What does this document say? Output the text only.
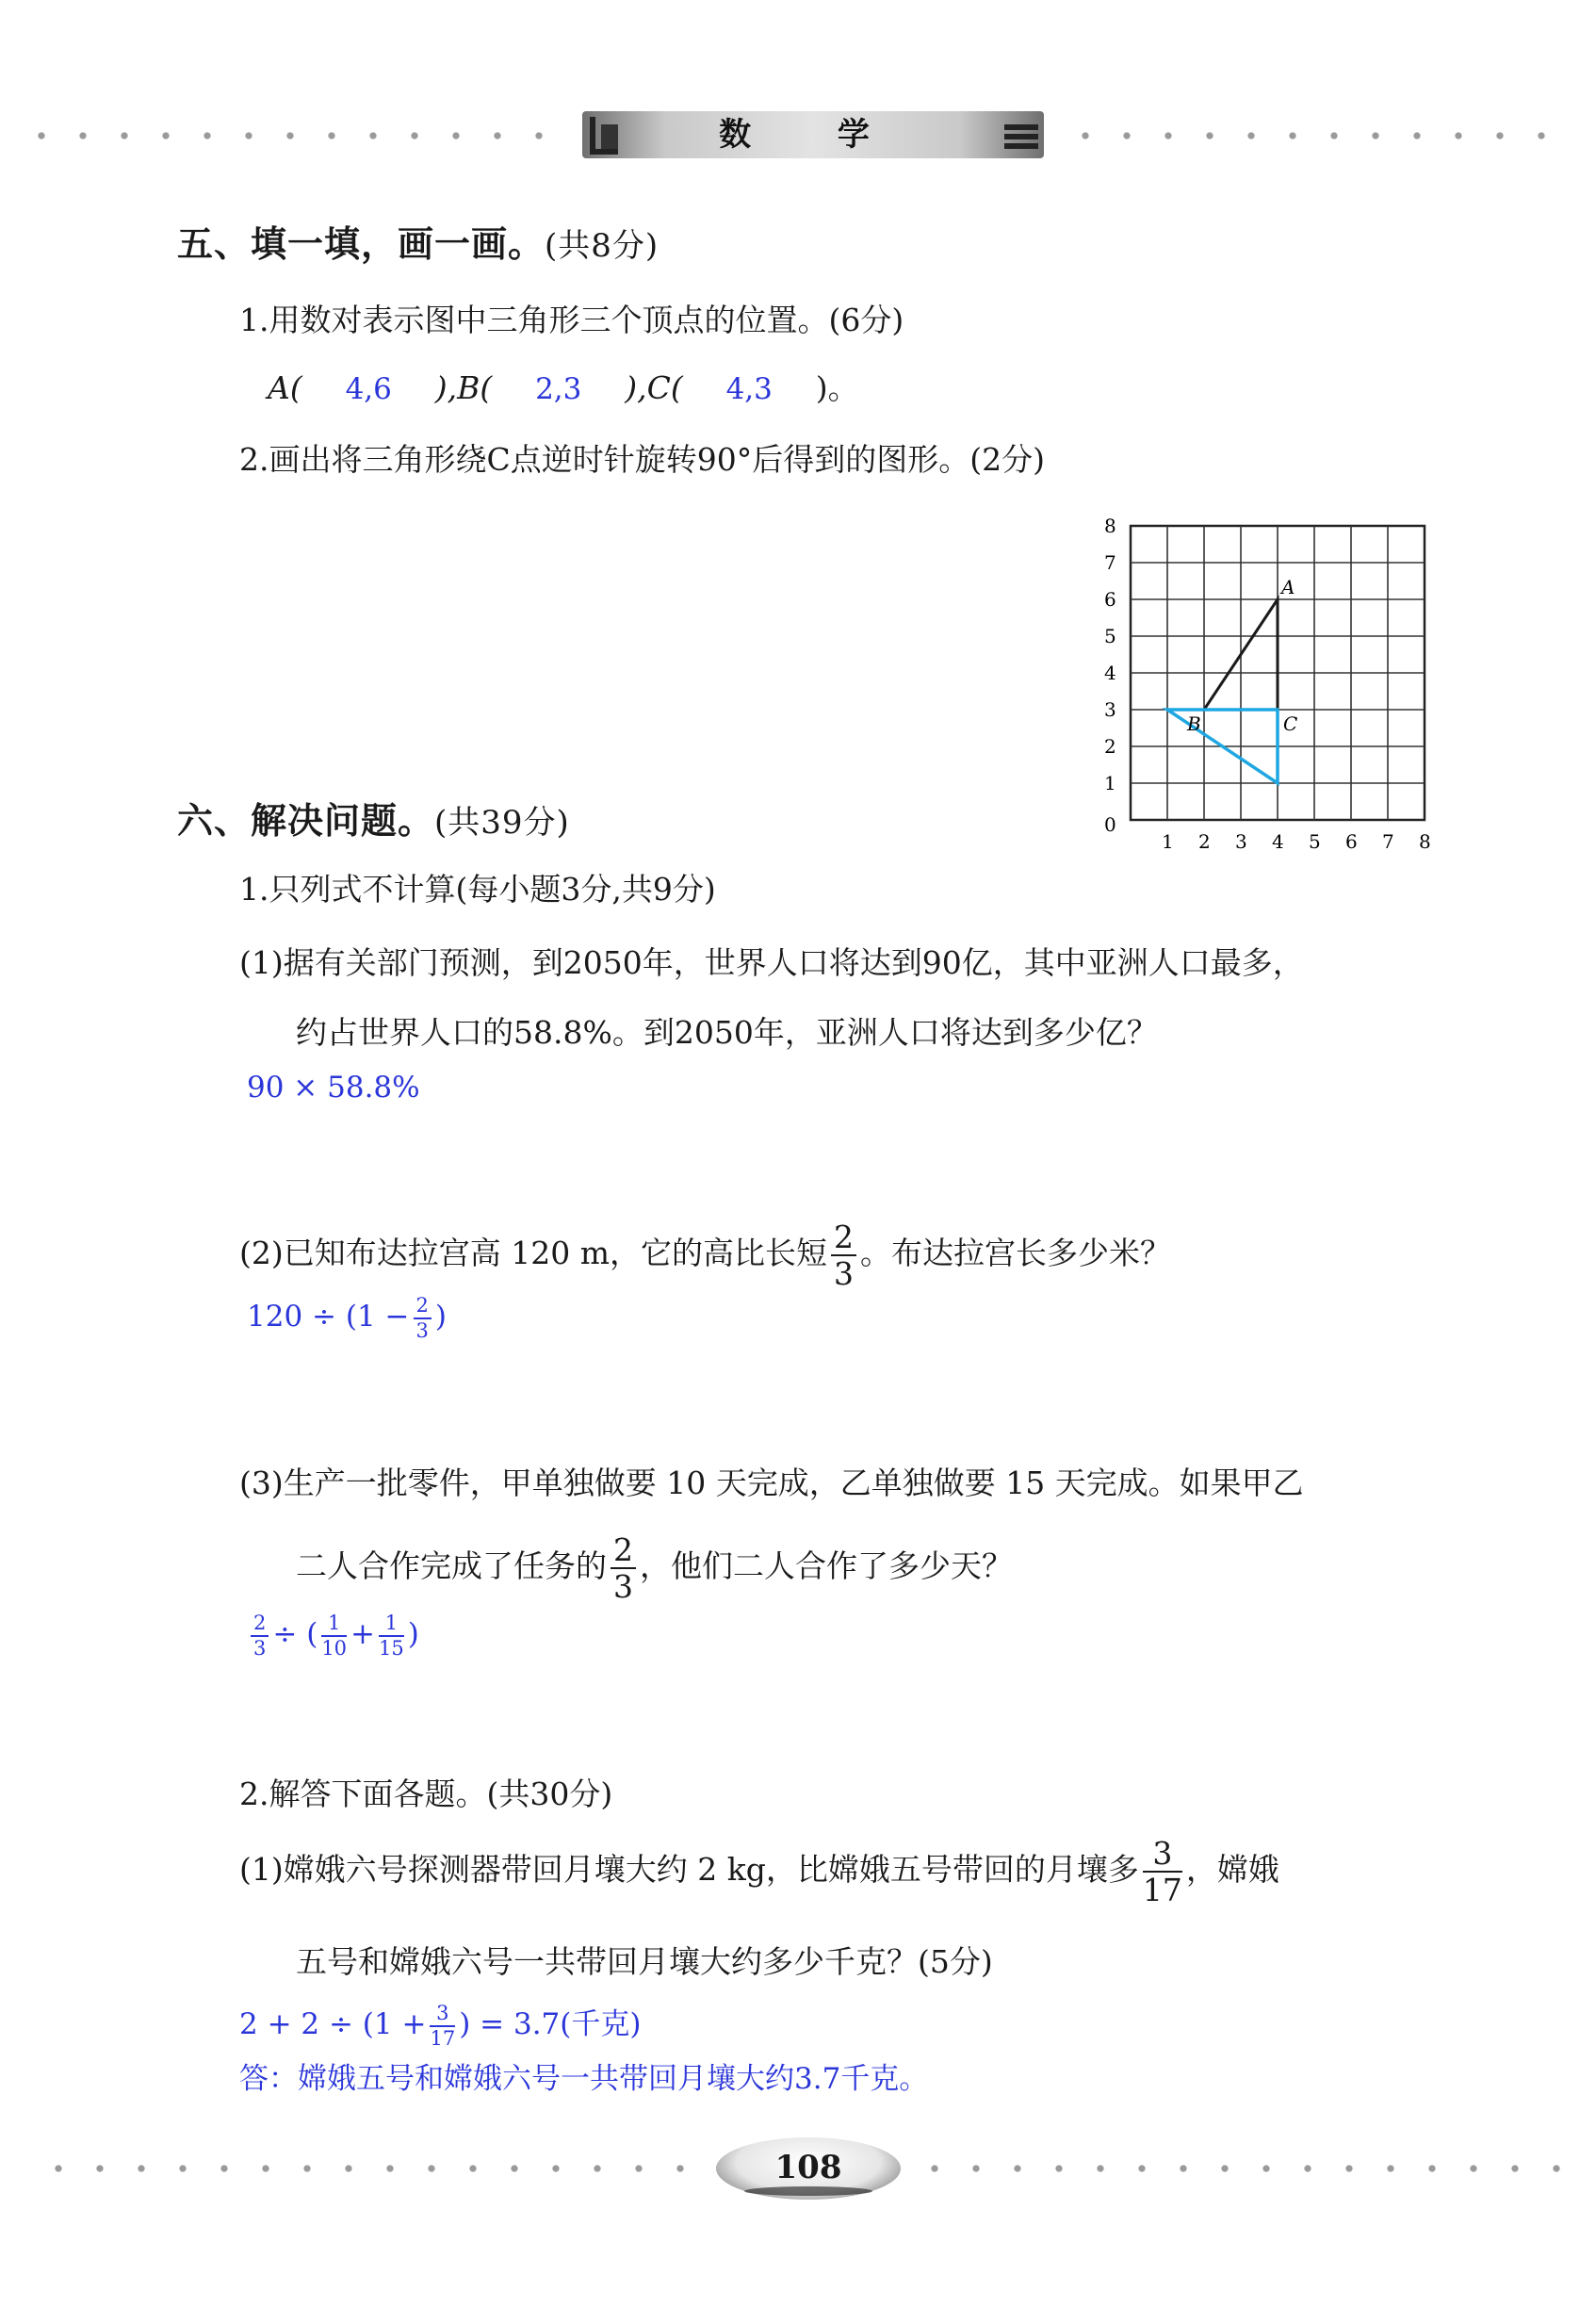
数 学
五、填一填，画一画。(共8分)
1.用数对表示图中三角形三个顶点的位置。(6分)
A( 4,6 ),B( 2,3 ),C( 4,3 )。
2.画出将三角形绕C点逆时针旋转90°后得到的图形。(2分)
8
7
6
5
4
3
2
1
1 2 3 4 5 6 7 8
0
A
B	C
六、解决问题。(共39分)
1.只列式不计算(每小题3分,共9分)
(1)据有关部门预测，到2050年，世界人口将达到90亿，其中亚洲人口最多，
约占世界人口的58.8%。到2050年，亚洲人口将达到多少亿？
90 × 58.8%
(2)已知布达拉宫高 120 m，它的高比长短 $\frac{2}{3}$ 。布达拉宫长多少米？
$120 \div (1 - \frac{2}{3}$ )
(3)生产一批零件，甲单独做要 10 天完成，乙单独做要 15 天完成。如果甲乙
二人合作完成了任务的 $\frac{2}{3}$ ，他们二人合作了多少天？
$\frac{2}{3}$ ÷ ( $\frac{1}{10} + \frac{1}{15}$ )
2.解答下面各题。(共30分)
(1)嫦娥六号探测器带回月壤大约 2 kg，比嫦娥五号带回的月壤多 $\frac{3}{17}$ ，嫦娥
五号和嫦娥六号一共带回月壤大约多少千克？(5分)
$2 + 2 \div (1 + \frac{3}{17}$ ) = 3.7(千克)
答：嫦娥五号和嫦娥六号一共带回月壤大约3.7千克。
108
